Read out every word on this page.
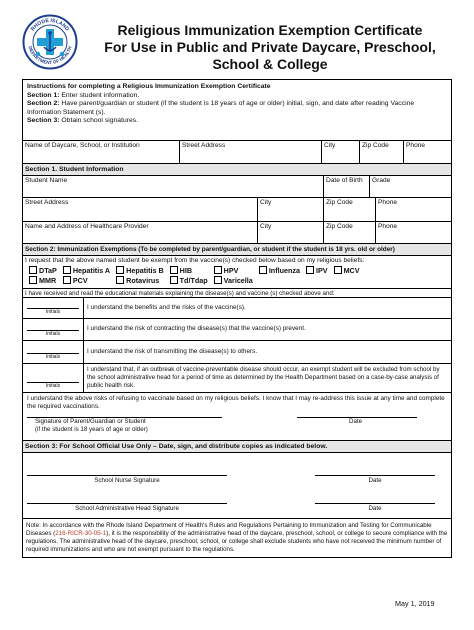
RHODE ISLAND
DEPARTMENT OF HEALTH
Religious Immunization Exemption Certificate
For Use in Public and Private Daycare, Preschool,
School & College
Instructions for completing a Religious Immunization Exemption Certificate
Section 1: Enter student information.
Section 2: Have parent/guardian or student (if the student is 18 years of age or older) initial, sign, and date after reading Vaccine Information Statement (s).
Section 3: Obtain school signatures.
Name of Daycare, School, or Institution	Street Address	City	Zip Code	Phone
Section 1. Student Information
Student Name	Date of Birth	Grade
Street Address	City	Zip Code	Phone
Name and Address of Healthcare Provider	City	Zip Code	Phone
Section 2: Immunization Exemptions (To be completed by parent/guardian, or student if the student is 18 yrs. old or older)
I request that the above named student be exempt from the vaccine(s) checked below based on my religious beliefs:
DTaP	Hepatitis A	Hepatitis B	HIB	HPV	Influenza	IPV	MCV
MMR	PCV	Rotavirus	Td/Tdap	Varicella
I have received and read the educational materials explaining the disease(s) and vaccine (s) checked above and:
Initials
I understand the benefits and the risks of the vaccine(s).
Initials
I understand the risk of contracting the disease(s) that the vaccine(s) prevent.
Initials
I understand the risk of transmitting the disease(s) to others.
Initials
I understand that, if an outbreak of vaccine-preventable disease should occur, an exempt student will be excluded from school by the school administrative head for a period of time as determined by the Health Department based on a case-by-case analysis of public health risk.
I understand the above risks of refusing to vaccinate based on my religious beliefs. I know that I may re-address this issue at any time and complete the required vaccinations.
Signature of Parent/Guardian or Student
(if the student is 18 years of age or older)
Date
Section 3: For School Official Use Only – Date, sign, and distribute copies as indicated below.
School Nurse Signature	Date
School Administrative Head Signature	Date
Note: In accordance with the Rhode Island Department of Health's Rules and Regulations Pertaining to Immunization and Testing for Communicable Diseases (216-RICR-30-05-1), it is the responsibility of the administrative head of the daycare, preschool, school, or college to secure compliance with the regulations. The administrative head of the daycare, preschool, school, or college shall exclude students who have not received the minimum number of required immunizations and who are not exempt pursuant to the regulations.
May 1, 2019
